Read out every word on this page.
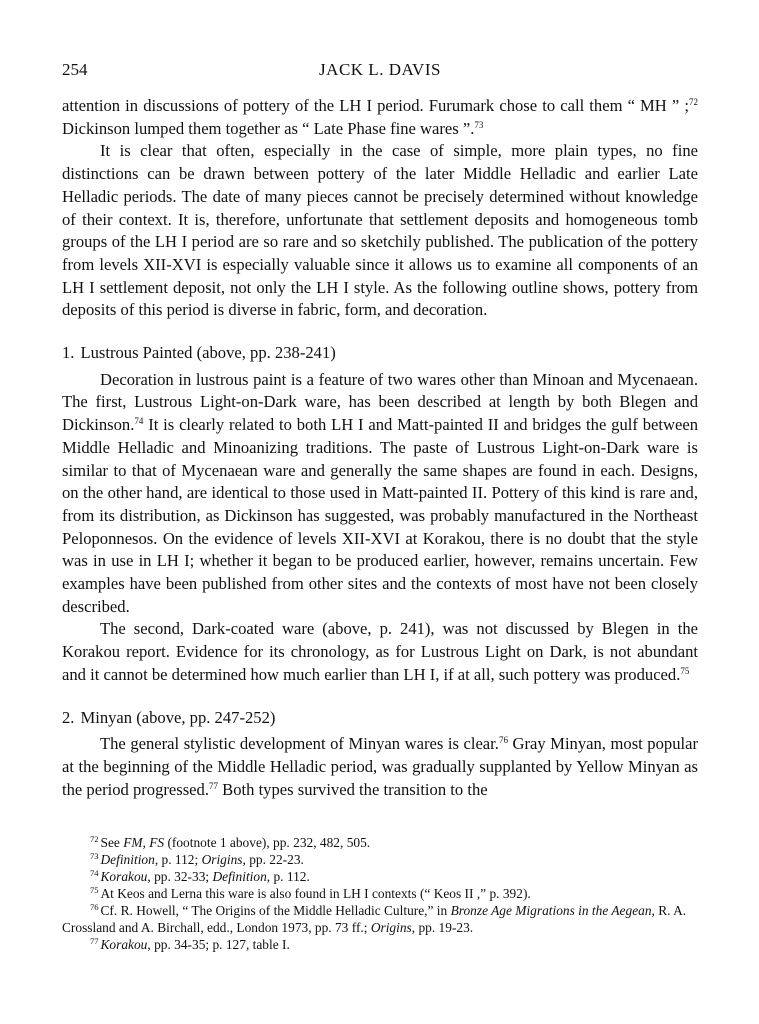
254	JACK L. DAVIS

attention in discussions of pottery of the LH I period. Furumark chose to call them “ MH ” ;$^{72}$ Dickinson lumped them together as “ Late Phase fine wares ”.$^{73}$

It is clear that often, especially in the case of simple, more plain types, no fine distinctions can be drawn between pottery of the later Middle Helladic and earlier Late Helladic periods. The date of many pieces cannot be precisely determined without knowledge of their context. It is, therefore, unfortunate that settlement deposits and homogeneous tomb groups of the LH I period are so rare and so sketchily published. The publication of the pottery from levels XII-XVI is especially valuable since it allows us to examine all components of an LH I settlement deposit, not only the LH I style. As the following outline shows, pottery from deposits of this period is diverse in fabric, form, and decoration.

1. Lustrous Painted (above, pp. 238-241)

Decoration in lustrous paint is a feature of two wares other than Minoan and Mycenaean. The first, Lustrous Light-on-Dark ware, has been described at length by both Blegen and Dickinson.$^{74}$ It is clearly related to both LH I and Matt-painted II and bridges the gulf between Middle Helladic and Minoanizing traditions. The paste of Lustrous Light-on-Dark ware is similar to that of Mycenaean ware and generally the same shapes are found in each. Designs, on the other hand, are identical to those used in Matt-painted II. Pottery of this kind is rare and, from its distribution, as Dickinson has suggested, was probably manufactured in the Northeast Peloponnesos. On the evidence of levels XII-XVI at Korakou, there is no doubt that the style was in use in LH I; whether it began to be produced earlier, however, remains uncertain. Few examples have been published from other sites and the contexts of most have not been closely described.

The second, Dark-coated ware (above, p. 241), was not discussed by Blegen in the Korakou report. Evidence for its chronology, as for Lustrous Light on Dark, is not abundant and it cannot be determined how much earlier than LH I, if at all, such pottery was produced.$^{75}$

2. Minyan (above, pp. 247-252)

The general stylistic development of Minyan wares is clear.$^{76}$ Gray Minyan, most popular at the beginning of the Middle Helladic period, was gradually supplanted by Yellow Minyan as the period progressed.$^{77}$ Both types survived the transition to the

$^{72}$ See FM, FS (footnote 1 above), pp. 232, 482, 505.

$^{73}$ Definition, p. 112; Origins, pp. 22-23.

$^{74}$ Korakou, pp. 32-33; Definition, p. 112.

$^{75}$ At Keos and Lerna this ware is also found in LH I contexts (“ Keos II ,” p. 392).

$^{76}$ Cf. R. Howell, “ The Origins of the Middle Helladic Culture,” in Bronze Age Migrations in the Aegean, R. A. Crossland and A. Birchall, edd., London 1973, pp. 73 ff.; Origins, pp. 19-23.

$^{77}$ Korakou, pp. 34-35; p. 127, table I.
